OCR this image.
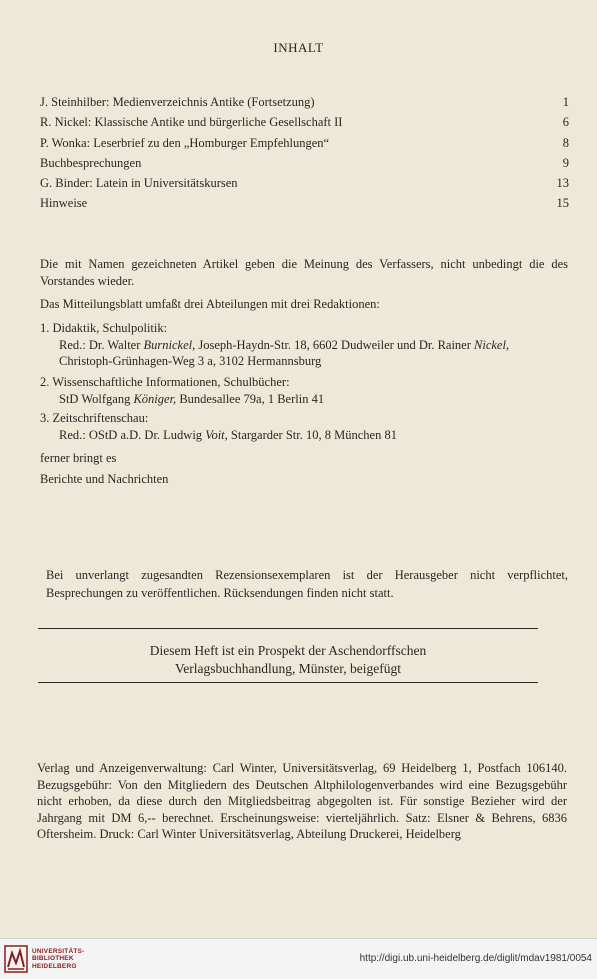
INHALT
J. Steinhilber: Medienverzeichnis Antike (Fortsetzung)	1
R. Nickel: Klassische Antike und bürgerliche Gesellschaft II	6
P. Wonka: Leserbrief zu den „Homburger Empfehlungen“	8
Buchbesprechungen	9
G. Binder: Latein in Universitätskursen	13
Hinweise	15
Die mit Namen gezeichneten Artikel geben die Meinung des Verfassers, nicht unbedingt die des Vorstandes wieder.
Das Mitteilungsblatt umfaßt drei Abteilungen mit drei Redaktionen:
1. Didaktik, Schulpolitik:
Red.: Dr. Walter Burnickel, Joseph-Haydn-Str. 18, 6602 Dudweiler und Dr. Rainer Nickel,
Christoph-Grünhagen-Weg 3 a, 3102 Hermannsburg
2. Wissenschaftliche Informationen, Schulbücher:
StD Wolfgang Königer, Bundesallee 79a, 1 Berlin 41
3. Zeitschriftenschau:
Red.: OStD a.D. Dr. Ludwig Voit, Stargarder Str. 10, 8 München 81
ferner bringt es
Berichte und Nachrichten
Bei unverlangt zugesandten Rezensionsexemplaren ist der Herausgeber nicht verpflichtet, Besprechungen zu veröffentlichen. Rücksendungen finden nicht statt.
Diesem Heft ist ein Prospekt der Aschendorffschen
Verlagsbuchhandlung, Münster, beigefügt
Verlag und Anzeigenverwaltung: Carl Winter, Universitätsverlag, 69 Heidelberg 1, Postfach 106140. Bezugsgebühr: Von den Mitgliedern des Deutschen Altphilologenverbandes wird eine Bezugsgebühr nicht erhoben, da diese durch den Mitgliedsbeitrag abgegolten ist. Für sonstige Bezieher wird der Jahrgang mit DM 6,-- berechnet. Erscheinungsweise: vierteljährlich. Satz: Elsner & Behrens, 6836 Oftersheim. Druck: Carl Winter Universitätsverlag, Abteilung Druckerei, Heidelberg
UNIVERSITÄTS-
BIBLIOTHEK
HEIDELBERG
http://digi.ub.uni-heidelberg.de/diglit/mdav1981/0054
